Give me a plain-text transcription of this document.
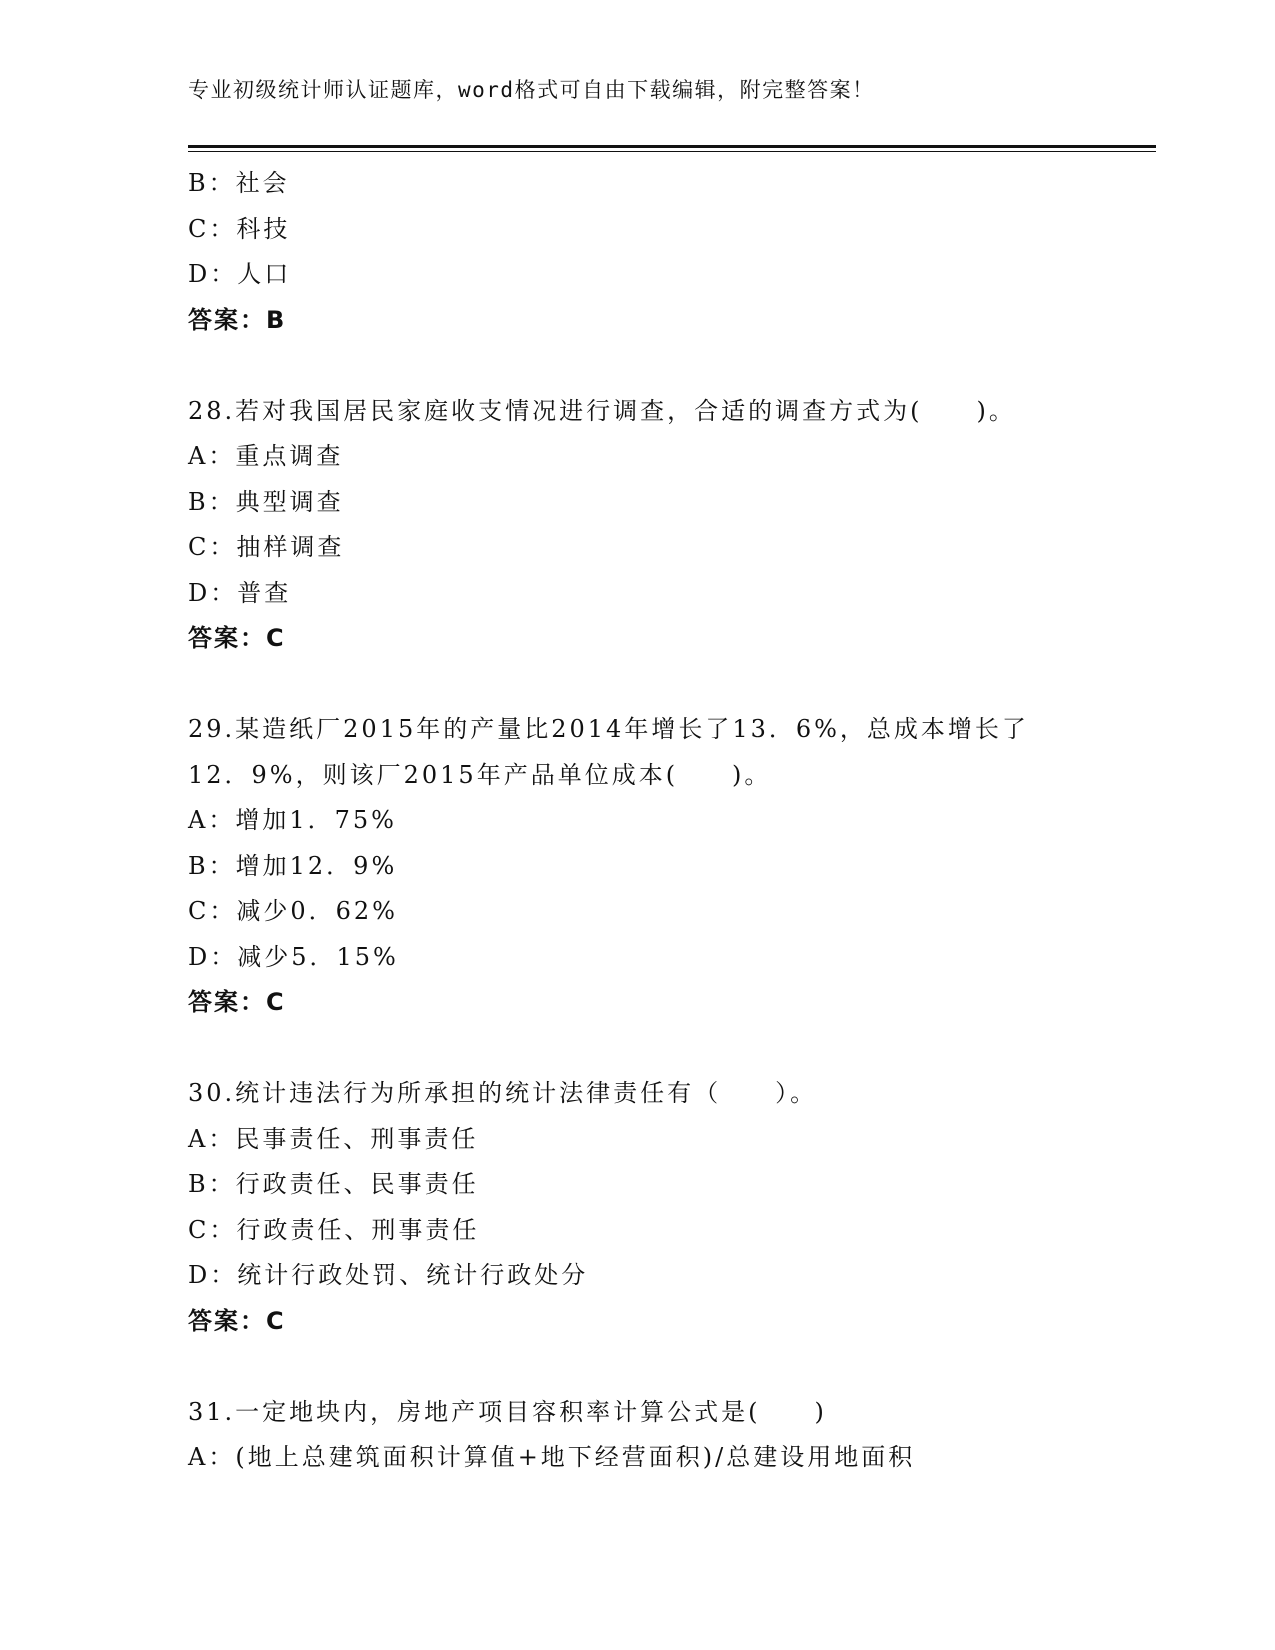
专业初级统计师认证题库，word格式可自由下载编辑，附完整答案！
B：社会
C：科技
D：人口
答案：B
28.若对我国居民家庭收支情况进行调查，合适的调查方式为(　　)。
A：重点调查
B：典型调查
C：抽样调查
D：普查
答案：C
29.某造纸厂2015年的产量比2014年增长了13．6%，总成本增长了
12．9%，则该厂2015年产品单位成本(　　)。
A：增加1．75%
B：增加12．9%
C：减少0．62%
D：减少5．15%
答案：C
30.统计违法行为所承担的统计法律责任有（　　）。
A：民事责任、刑事责任
B：行政责任、民事责任
C：行政责任、刑事责任
D：统计行政处罚、统计行政处分
答案：C
31.一定地块内，房地产项目容积率计算公式是(　　)
A：(地上总建筑面积计算值+地下经营面积)/总建设用地面积
